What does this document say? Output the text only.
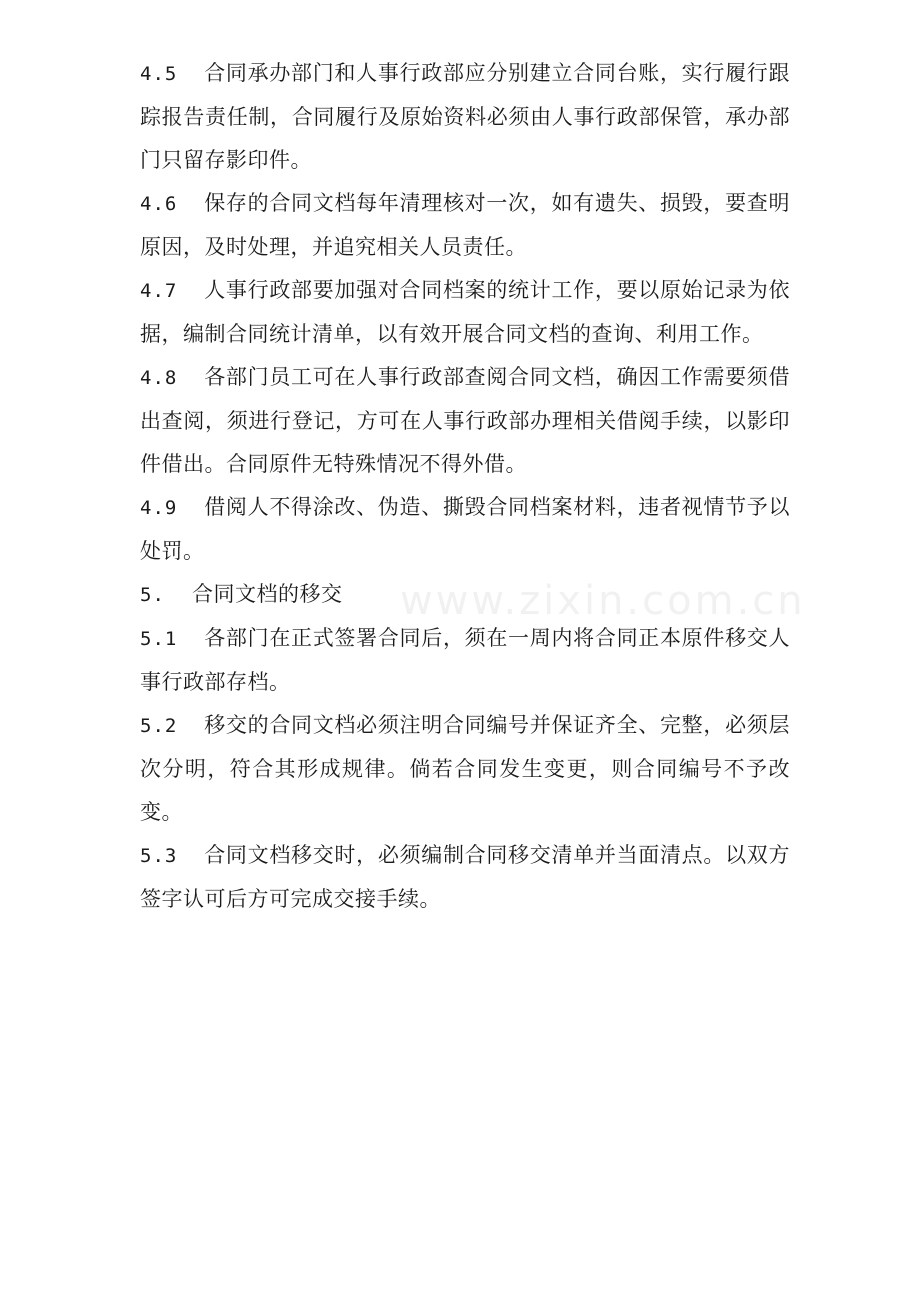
4.5 合同承办部门和人事行政部应分别建立合同台账，实行履行跟踪报告责任制，合同履行及原始资料必须由人事行政部保管，承办部门只留存影印件。

4.6 保存的合同文档每年清理核对一次，如有遗失、损毁，要查明原因，及时处理，并追究相关人员责任。

4.7 人事行政部要加强对合同档案的统计工作，要以原始记录为依据，编制合同统计清单，以有效开展合同文档的查询、利用工作。

4.8 各部门员工可在人事行政部查阅合同文档，确因工作需要须借出查阅，须进行登记，方可在人事行政部办理相关借阅手续，以影印件借出。合同原件无特殊情况不得外借。

4.9 借阅人不得涂改、伪造、撕毁合同档案材料，违者视情节予以处罚。

5. 合同文档的移交

5.1 各部门在正式签署合同后，须在一周内将合同正本原件移交人事行政部存档。

5.2 移交的合同文档必须注明合同编号并保证齐全、完整，必须层次分明，符合其形成规律。倘若合同发生变更，则合同编号不予改变。

5.3 合同文档移交时，必须编制合同移交清单并当面清点。以双方签字认可后方可完成交接手续。

www.zixin.com.cn
